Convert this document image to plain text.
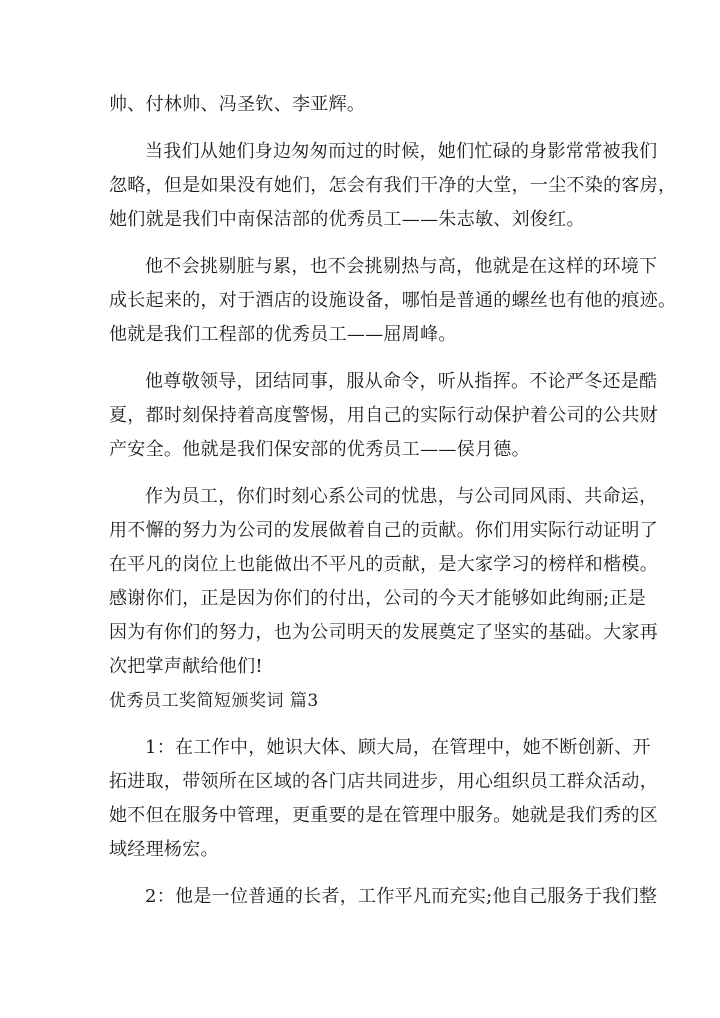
帅、付林帅、冯圣钦、李亚辉。
当我们从她们身边匆匆而过的时候，她们忙碌的身影常常被我们
忽略，但是如果没有她们，怎会有我们干净的大堂，一尘不染的客房，
她们就是我们中南保洁部的优秀员工——朱志敏、刘俊红。
他不会挑剔脏与累，也不会挑剔热与高，他就是在这样的环境下
成长起来的，对于酒店的设施设备，哪怕是普通的螺丝也有他的痕迹。
他就是我们工程部的优秀员工——屈周峰。
他尊敬领导，团结同事，服从命令，听从指挥。不论严冬还是酷
夏，都时刻保持着高度警惕，用自己的实际行动保护着公司的公共财
产安全。他就是我们保安部的优秀员工——侯月德。
作为员工，你们时刻心系公司的忧患，与公司同风雨、共命运，
用不懈的努力为公司的发展做着自己的贡献。你们用实际行动证明了
在平凡的岗位上也能做出不平凡的贡献，是大家学习的榜样和楷模。
感谢你们，正是因为你们的付出，公司的今天才能够如此绚丽;正是
因为有你们的努力，也为公司明天的发展奠定了坚实的基础。大家再
次把掌声献给他们!
优秀员工奖简短颁奖词 篇3
1：在工作中，她识大体、顾大局，在管理中，她不断创新、开
拓进取，带领所在区域的各门店共同进步，用心组织员工群众活动，
她不但在服务中管理，更重要的是在管理中服务。她就是我们秀的区
域经理杨宏。
2：他是一位普通的长者，工作平凡而充实;他自己服务于我们整
